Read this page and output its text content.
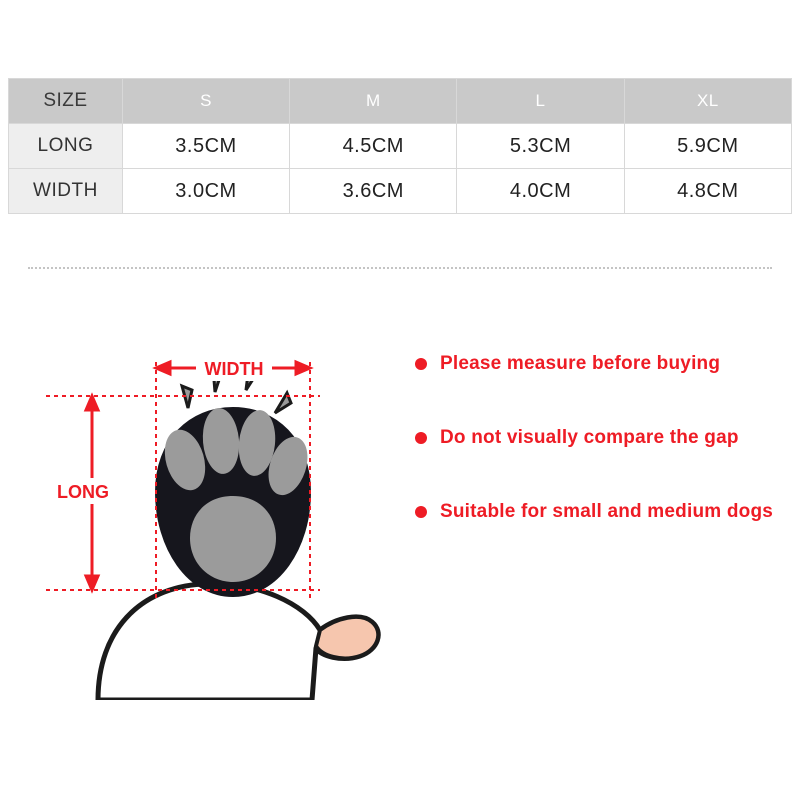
SIZE	S	M	L	XL
LONG	3.5CM	4.5CM	5.3CM	5.9CM
WIDTH	3.0CM	3.6CM	4.0CM	4.8CM
WIDTH
LONG
Please measure before buying
Do not visually compare the gap
Suitable for small and medium dogs
